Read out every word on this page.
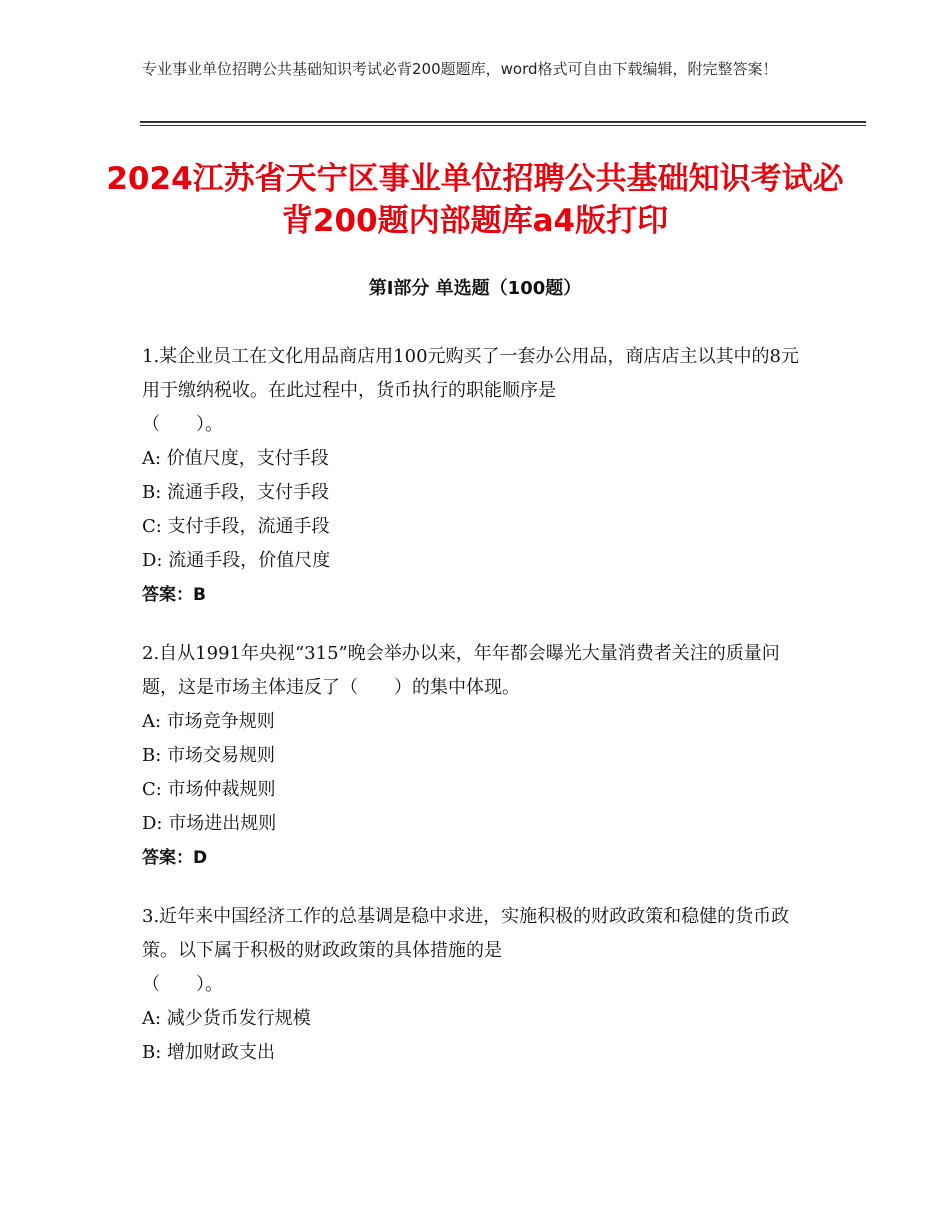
专业事业单位招聘公共基础知识考试必背200题题库，word格式可自由下载编辑，附完整答案！
2024江苏省天宁区事业单位招聘公共基础知识考试必背200题内部题库a4版打印
第I部分 单选题（100题）

1.某企业员工在文化用品商店用100元购买了一套办公用品，商店店主以其中的8元用于缴纳税收。在此过程中，货币执行的职能顺序是
（　　）。

A: 价值尺度，支付手段
B: 流通手段，支付手段
C: 支付手段，流通手段
D: 流通手段，价值尺度
答案：B

2.自从1991年央视“315”晚会举办以来，年年都会曝光大量消费者关注的质量问题，这是市场主体违反了（　　）的集中体现。

A: 市场竞争规则
B: 市场交易规则
C: 市场仲裁规则
D: 市场进出规则
答案：D

3.近年来中国经济工作的总基调是稳中求进，实施积极的财政政策和稳健的货币政策。以下属于积极的财政政策的具体措施的是
（　　）。

A: 减少货币发行规模
B: 增加财政支出
